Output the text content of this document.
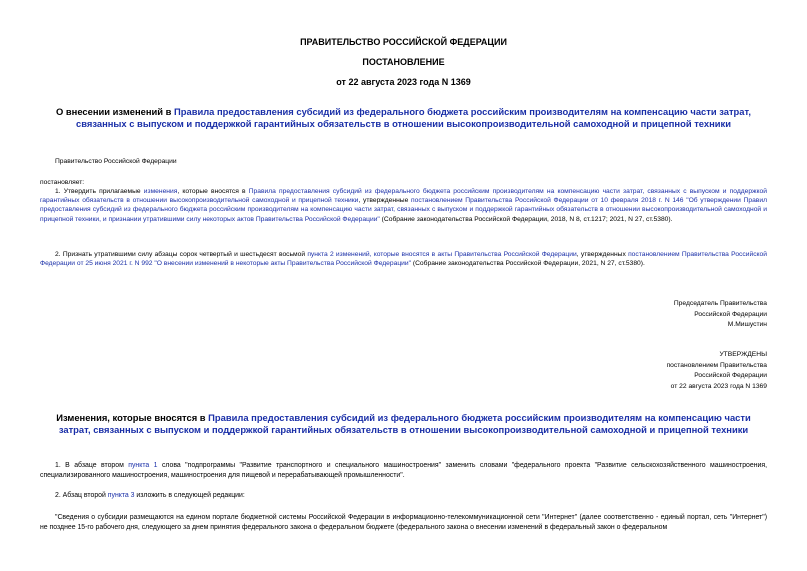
ПРАВИТЕЛЬСТВО РОССИЙСКОЙ ФЕДЕРАЦИИ
ПОСТАНОВЛЕНИЕ
от 22 августа 2023 года N 1369
О внесении изменений в Правила предоставления субсидий из федерального бюджета российским производителям на компенсацию части затрат, связанных с выпуском и поддержкой гарантийных обязательств в отношении высокопроизводительной самоходной и прицепной техники
Правительство Российской Федерации
постановляет:
1. Утвердить прилагаемые изменения, которые вносятся в Правила предоставления субсидий из федерального бюджета российским производителям на компенсацию части затрат, связанных с выпуском и поддержкой гарантийных обязательств в отношении высокопроизводительной самоходной и прицепной техники, утвержденные постановлением Правительства Российской Федерации от 10 февраля 2018 г. N 146 "Об утверждении Правил предоставления субсидий из федерального бюджета российским производителям на компенсацию части затрат, связанных с выпуском и поддержкой гарантийных обязательств в отношении высокопроизводительной самоходной и прицепной техники, и признании утратившими силу некоторых актов Правительства Российской Федерации" (Собрание законодательства Российской Федерации, 2018, N 8, ст.1217; 2021, N 27, ст.5380).
2. Признать утратившими силу абзацы сорок четвертый и шестьдесят восьмой пункта 2 изменений, которые вносятся в акты Правительства Российской Федерации, утвержденных постановлением Правительства Российской Федерации от 25 июня 2021 г. N 992 "О внесении изменений в некоторые акты Правительства Российской Федерации" (Собрание законодательства Российской Федерации, 2021, N 27, ст.5380).
Председатель Правительства
Российской Федерации
М.Мишустин
УТВЕРЖДЕНЫ
постановлением Правительства
Российской Федерации
от 22 августа 2023 года N 1369
Изменения, которые вносятся в Правила предоставления субсидий из федерального бюджета российским производителям на компенсацию части затрат, связанных с выпуском и поддержкой гарантийных обязательств в отношении высокопроизводительной самоходной и прицепной техники
1. В абзаце втором пункта 1 слова "подпрограммы "Развитие транспортного и специального машиностроения" заменить словами "федерального проекта "Развитие сельскохозяйственного машиностроения, специализированного машиностроения, машиностроения для пищевой и перерабатывающей промышленности".
2. Абзац второй пункта 3 изложить в следующей редакции:
"Сведения о субсидии размещаются на едином портале бюджетной системы Российской Федерации в информационно-телекоммуникационной сети "Интернет" (далее соответственно - единый портал, сеть "Интернет") не позднее 15-го рабочего дня, следующего за днем принятия федерального закона о федеральном бюджете (федерального закона о внесении изменений в федеральный закон о федеральном
